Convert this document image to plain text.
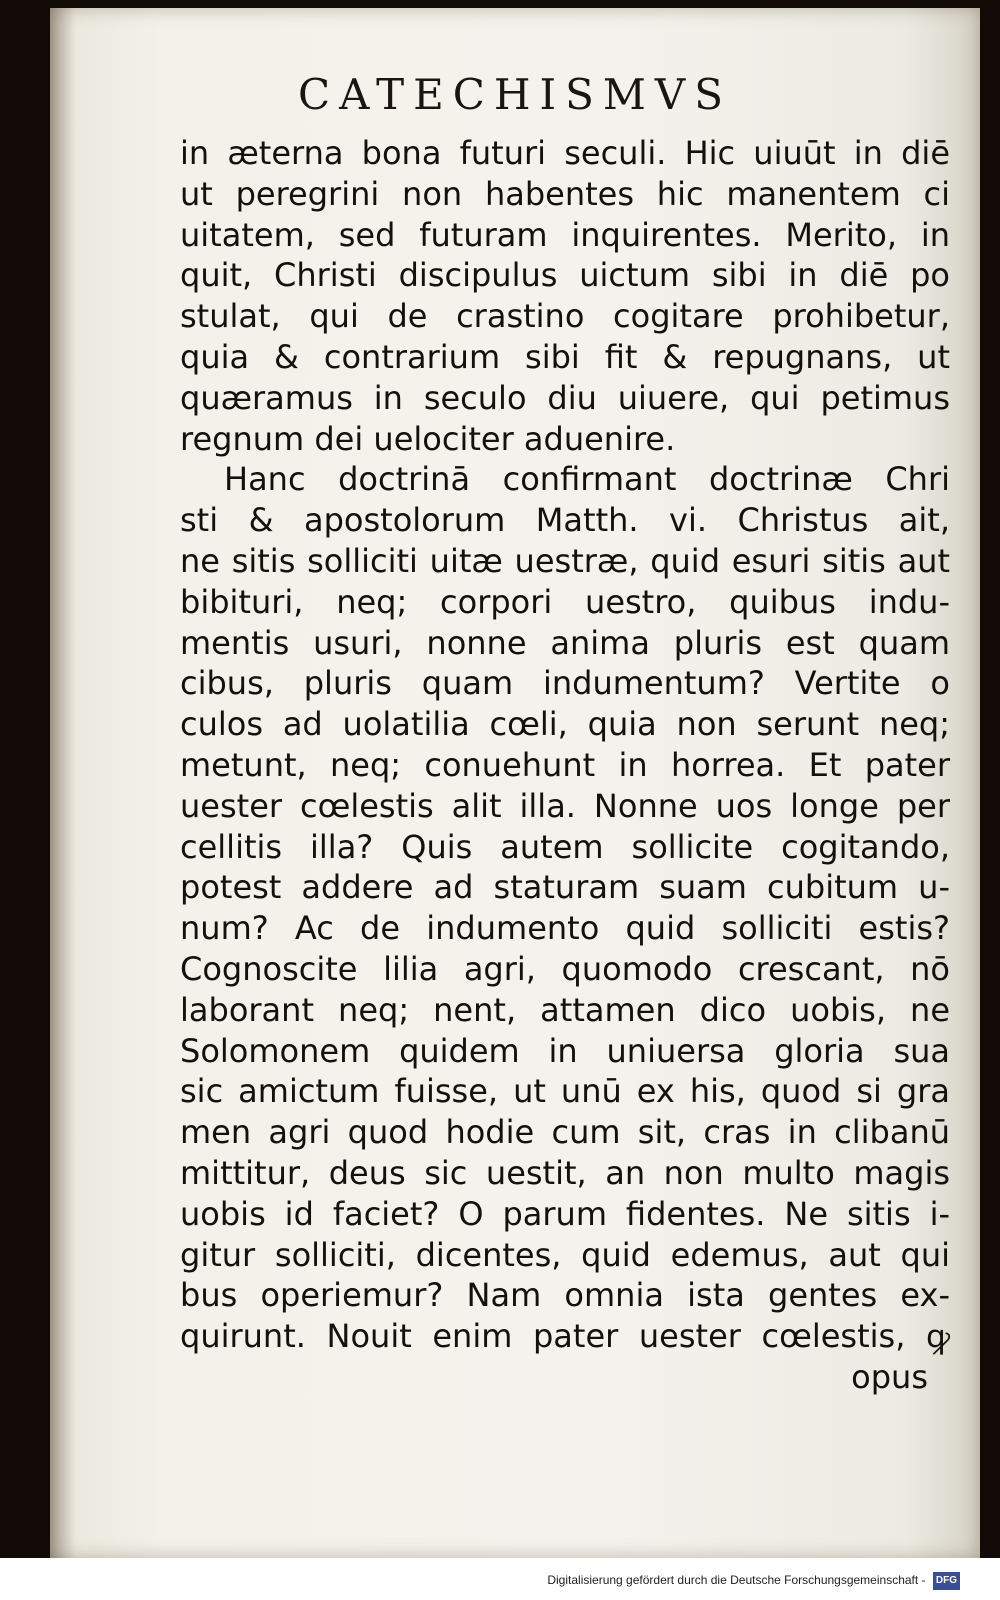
CATECHISMVS
in æterna bona futuri seculi. Hic uiuūt in diē
ut peregrini non habentes hic manentem ci
uitatem, sed futuram inquirentes. Merito, in
quit, Christi discipulus uictum sibi in diē po
stulat, qui de crastino cogitare prohibetur,
quia & contrarium sibi fit & repugnans, ut
quæramus in seculo diu uiuere, qui petimus
regnum dei uelociter aduenire.
Hanc doctrinā confirmant doctrinæ Chri
sti & apostolorum Matth. vi. Christus ait,
ne sitis solliciti uitæ uestræ, quid esuri sitis aut
bibituri, neq; corpori uestro, quibus indu-
mentis usuri, nonne anima pluris est quam
cibus, pluris quam indumentum? Vertite o
culos ad uolatilia cœli, quia non serunt neq;
metunt, neq; conuehunt in horrea. Et pater
uester cœlestis alit illa. Nonne uos longe per
cellitis illa? Quis autem sollicite cogitando,
potest addere ad staturam suam cubitum u-
num? Ac de indumento quid solliciti estis?
Cognoscite lilia agri, quomodo crescant, nō
laborant neq; nent, attamen dico uobis, ne
Solomonem quidem in uniuersa gloria sua
sic amictum fuisse, ut unū ex his, quod si gra
men agri quod hodie cum sit, cras in clibanū
mittitur, deus sic uestit, an non multo magis
uobis id faciet? O parum fidentes. Ne sitis i-
gitur solliciti, dicentes, quid edemus, aut qui
bus operiemur? Nam omnia ista gentes ex-
quirunt. Nouit enim pater uester cœlestis, ꝙ
opus
Digitalisierung gefördert durch die Deutsche Forschungsgemeinschaft - DFG
